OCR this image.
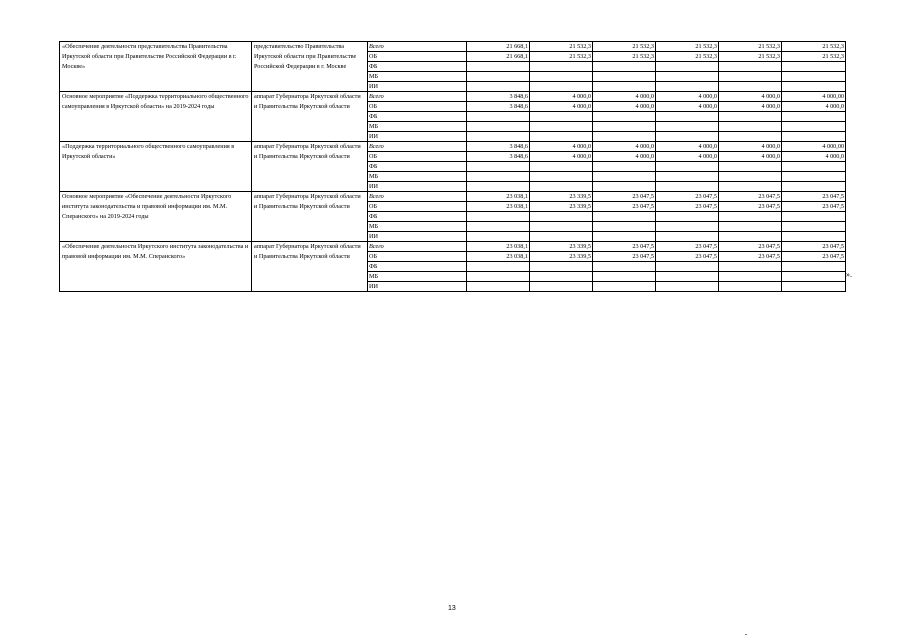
«Обеспечение деятельности представительства Правительства Иркутской области при Правительстве Российской Федерации в г. Москве»	представительство Правительства Иркутской области при Правительстве Российской Федерации в г. Москве	Всего	21 668,1	21 532,3	21 532,3	21 532,3	21 532,3	21 532,3
		ОБ	21 668,1	21 532,3	21 532,3	21 532,3	21 532,3	21 532,3
		ФБ						
		МБ						
		ИИ						
Основное мероприятие «Поддержка территориального общественного самоуправления в Иркутской области» на 2019-2024 годы	аппарат Губернатора Иркутской области и Правительства Иркутской области	Всего	3 848,6	4 000,0	4 000,0	4 000,0	4 000,0	4 000,00
		ОБ	3 848,6	4 000,0	4 000,0	4 000,0	4 000,0	4 000,0
		ФБ						
		МБ						
		ИИ						
«Поддержка территориального общественного самоуправления в Иркутской области»	аппарат Губернатора Иркутской области и Правительства Иркутской области	Всего	3 848,6	4 000,0	4 000,0	4 000,0	4 000,0	4 000,00
		ОБ	3 848,6	4 000,0	4 000,0	4 000,0	4 000,0	4 000,0
		ФБ						
		МБ						
		ИИ						
Основное мероприятие «Обеспечение деятельности Иркутского института законодательства и правовой информации им. М.М. Сперанского» на 2019-2024 годы	аппарат Губернатора Иркутской области и Правительства Иркутской области	Всего	23 038,1	23 339,5	23 047,5	23 047,5	23 047,5	23 047,5
		ОБ	23 038,1	23 339,5	23 047,5	23 047,5	23 047,5	23 047,5
		ФБ						
		МБ						
		ИИ						
«Обеспечение деятельности Иркутского института законодательства и правовой информации им. М.М. Сперанского»	аппарат Губернатора Иркутской области и Правительства Иркутской области	Всего	23 038,1	23 339,5	23 047,5	23 047,5	23 047,5	23 047,5
		ОБ	23 038,1	23 339,5	23 047,5	23 047,5	23 047,5	23 047,5
		ФБ						
		МБ						
		ИИ						
».
13
